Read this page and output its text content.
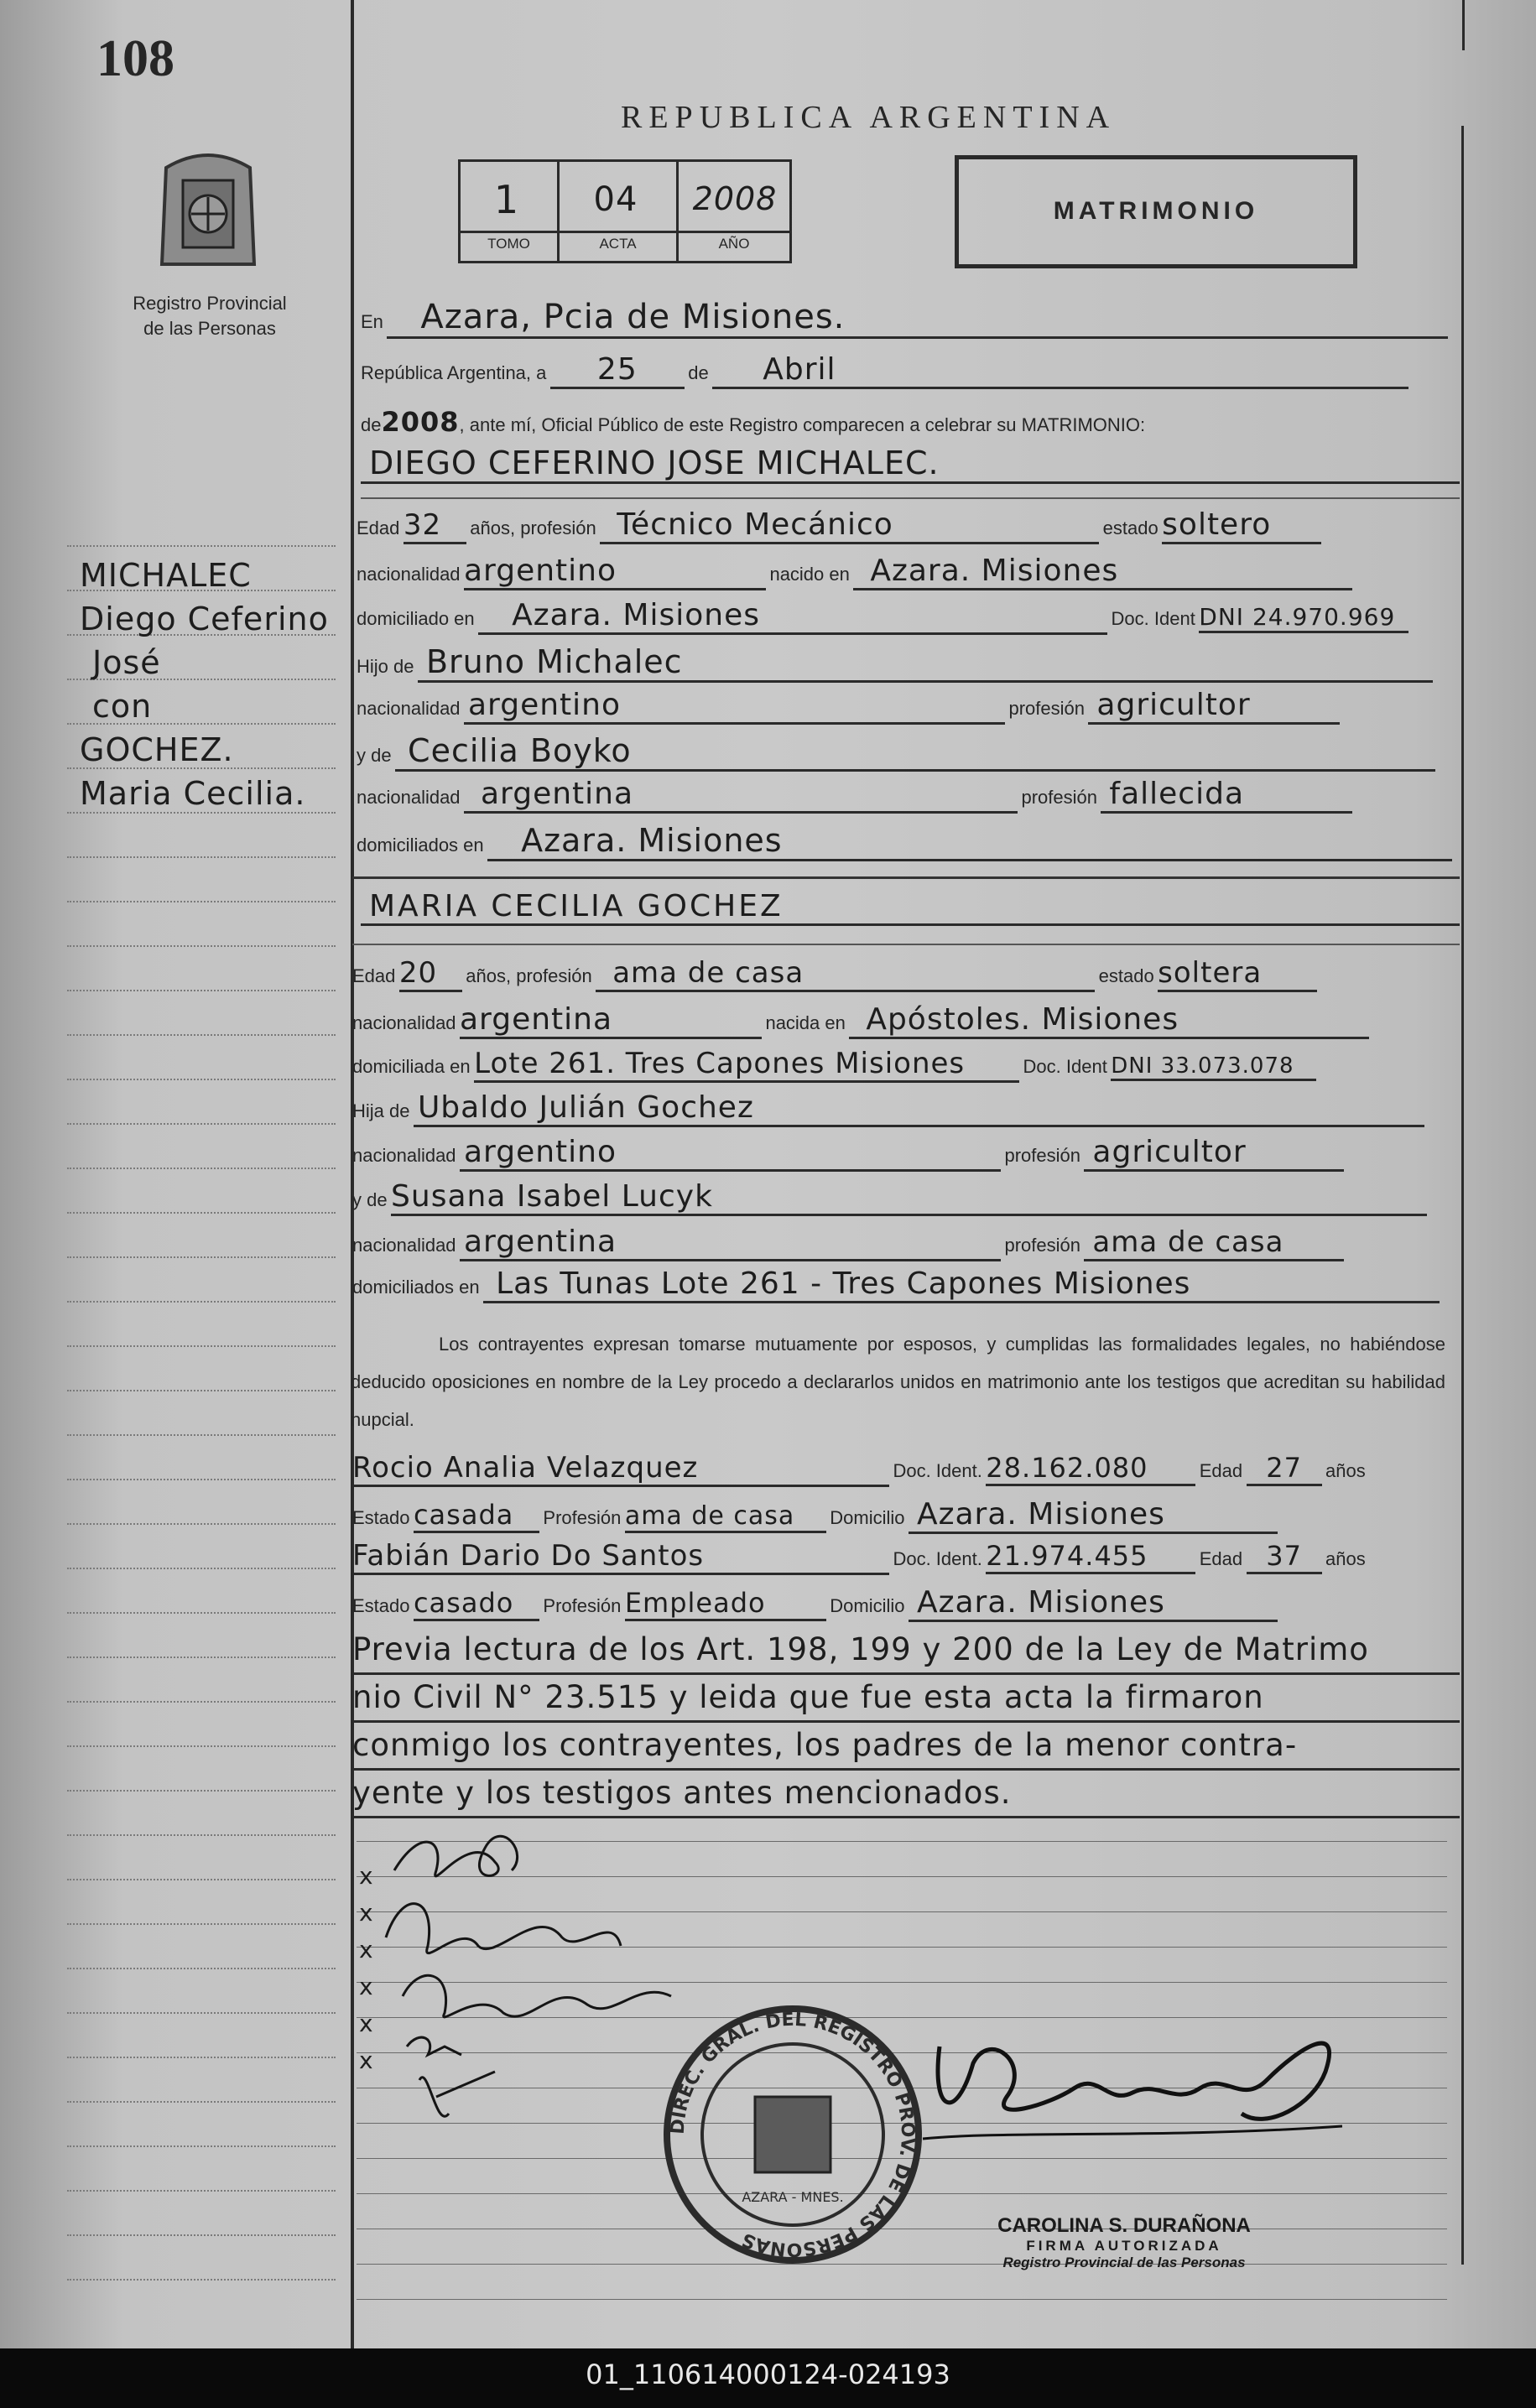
108
Registro Provincial
de las Personas
REPUBLICA ARGENTINA
1	04	2008
TOMO	ACTA	AÑO
MATRIMONIO
MICHALEC
Diego Ceferino
José
con
GOCHEZ.
Maria Cecilia.
En Azara, Pcia de Misiones.
República Argentina, a 25	de Abril
de2008, ante mí, Oficial Público de este Registro comparecen a celebrar su MATRIMONIO:
DIEGO CEFERINO JOSE MICHALEC.
Edad 32 años, profesión Técnico Mecánico	estado soltero
nacionalidad argentino	nacido en Azara. Misiones
domiciliado en Azara. Misiones	Doc. Ident DNI 24.970.969
Hijo de Bruno Michalec
nacionalidad argentino	profesión agricultor
y de Cecilia Boyko
nacionalidad argentina	profesión fallecida
domiciliados en Azara. Misiones
MARIA CECILIA GOCHEZ
Edad 20 años, profesión ama de casa	estado soltera
nacionalidad argentina	nacida en Apóstoles. Misiones
domiciliada en Lote 261. Tres Capones Misiones	Doc. Ident DNI 33.073.078
Hija de Ubaldo Julián Gochez
nacionalidad argentino	profesión agricultor
y de Susana Isabel Lucyk
nacionalidad argentina	profesión ama de casa
domiciliados en Las Tunas Lote 261 - Tres Capones Misiones
Los contrayentes expresan tomarse mutuamente por esposos, y cumplidas las formalidades legales, no habiéndose deducido oposiciones en nombre de la Ley procedo a declararlos unidos en matrimonio ante los testigos que acreditan su habilidad nupcial.
Rocio Analia Velazquez	Doc. Ident. 28.162.080	Edad 27 años
Estado casada Profesión ama de casa Domicilio Azara. Misiones
Fabián Dario Do Santos	Doc. Ident. 21.974.455	Edad 37 años
Estado casado Profesión Empleado	Domicilio Azara. Misiones
Previa lectura de los Art. 198, 199 y 200 de la Ley de Matrimo
nio Civil N° 23.515 y leida que fue esta acta la firmaron
conmigo los contrayentes, los padres de la menor contra-
yente y los testigos antes mencionados.
x
x
x
x
x
x
DIREC. GRAL. DEL REGISTRO PROV. DE LAS PERSONAS
AZARA - MNES.
CAROLINA S. DURAÑONA
FIRMA AUTORIZADA
Registro Provincial de las Personas
01_110614000124-024193
